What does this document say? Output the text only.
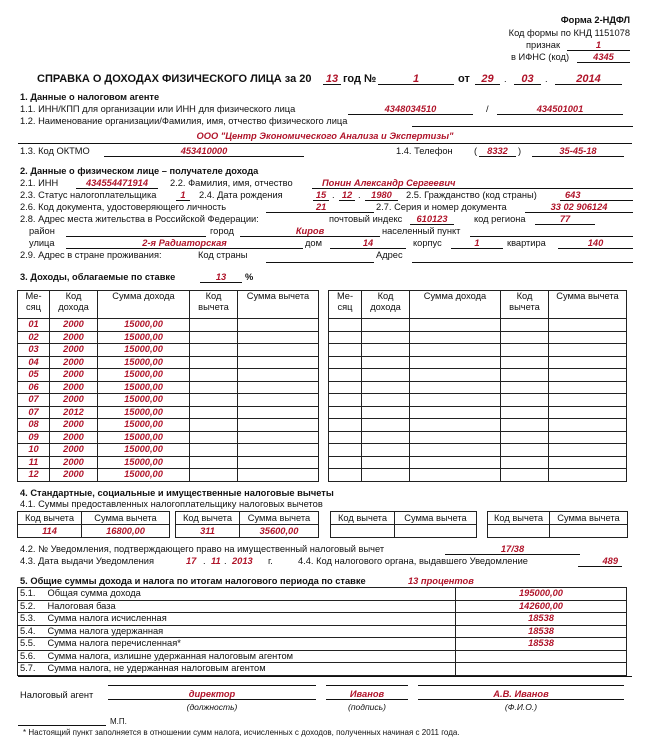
Форма 2-НДФЛ
Код формы по КНД 1151078
признак	1
в ИФНС (код)	4345
СПРАВКА О ДОХОДАХ ФИЗИЧЕСКОГО ЛИЦА за 20 13 год №	1	от	29	.	03	.	2014
1. Данные о налоговом агенте
1.1. ИНН/КПП для организации или ИНН для физического лица	4348034510	/	434501001
1.2. Наименование организации/Фамилия, имя, отчество физического лица
ООО "Центр Экономического Анализа и Экспертизы"
1.3. Код ОКТМО	453410000	1.4. Телефон (	8332	)	35-45-18
2. Данные о физическом лице – получателе дохода
2.1. ИНН	434554471914	2.2. Фамилия, имя, отчество	Понин Александр Сергеевич
2.3. Статус налогоплательщика	1	2.4. Дата рождения	15 . 12 .	1980	2.5. Гражданство (код страны)	643
2.6. Код документа, удостоверяющего личность	21	2.7. Серия и номер документа	33 02 906124
2.8. Адрес места жительства в Российской Федерации:	почтовый индекс	610123	код региона	77
район	город	Киров	населенный пункт
улица	2-я Радиаторская	дом	14	корпус	1	квартира	140
2.9. Адрес в стране проживания:	Код страны	Адрес
3. Доходы, облагаемые по ставке	13	%
Ме-
сяц	Код
дохода	Сумма дохода	Код
вычета	Сумма вычета
01	2000	15000,00		
02	2000	15000,00		
03	2000	15000,00		
04	2000	15000,00		
05	2000	15000,00		
06	2000	15000,00		
07	2000	15000,00		
07	2012	15000,00		
08	2000	15000,00		
09	2000	15000,00		
10	2000	15000,00		
11	2000	15000,00		
12	2000	15000,00		
Ме-
сяц	Код
дохода	Сумма дохода	Код
вычета	Сумма вычета

4. Стандартные, социальные и имущественные налоговые вычеты
4.1. Суммы предоставленных налогоплательщику налоговых вычетов
Код вычета	Сумма вычета
114	16800,00
Код вычета	Сумма вычета
311	35600,00
Код вычета	Сумма вычета
		Код вычета	Сумма вычета

4.2. № Уведомления, подтверждающего право на имущественный налоговый вычет	17/38
4.3. Дата выдачи Уведомления	17 . 11 . 2013 г.	4.4. Код налогового органа, выдавшего Уведомление	489
5. Общие суммы дохода и налога по итогам налогового периода по ставке	13 процентов
5.1.	Общая сумма дохода	195000,00
5.2.	Налоговая база	142600,00
5.3.	Сумма налога исчисленная	18538
5.4.	Сумма налога удержанная	18538
5.5.	Сумма налога перечисленная*	18538
5.6.	Сумма налога, излишне удержанная налоговым агентом	
5.7.	Сумма налога, не удержанная налоговым агентом	
Налоговый агент	директор	Иванов	А.В. Иванов
(должность)	(подпись)	(Ф.И.О.)
М.П.
* Настоящий пункт заполняется в отношении сумм налога, исчисленных с доходов, полученных начиная с 2011 года.
